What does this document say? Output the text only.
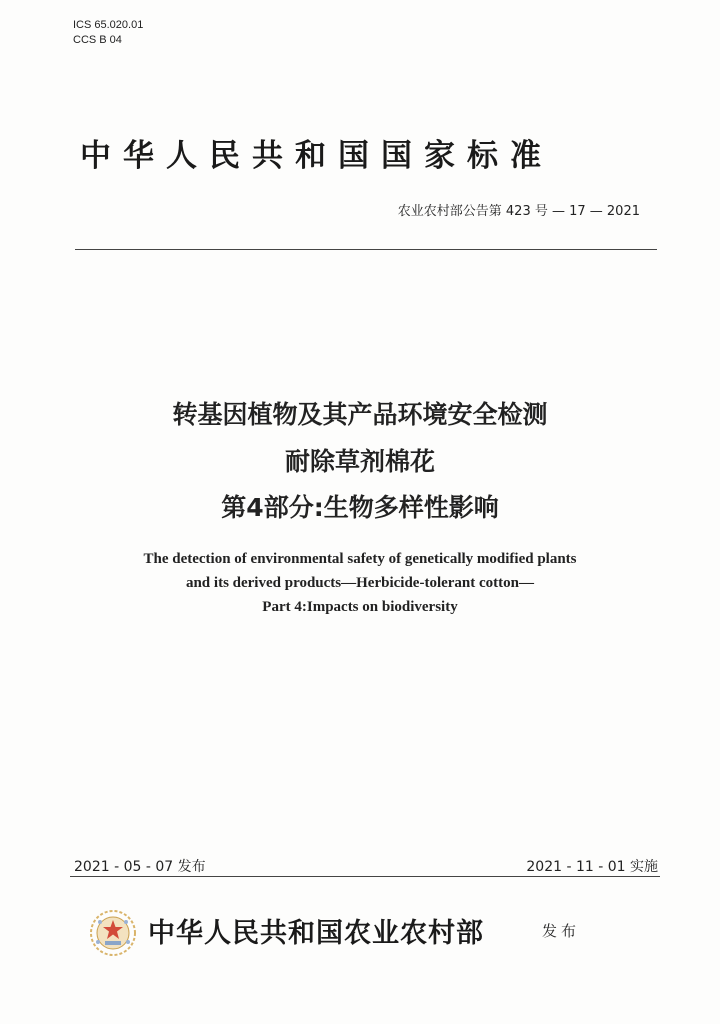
ICS 65.020.01
CCS B 04
中华人民共和国国家标准
农业农村部公告第 423 号 — 17 — 2021
转基因植物及其产品环境安全检测
耐除草剂棉花
第4部分:生物多样性影响
The detection of environmental safety of genetically modified plants
and its derived products—Herbicide-tolerant cotton—
Part 4:Impacts on biodiversity
2021 - 05 - 07 发布	2021 - 11 - 01 实施
中华人民共和国农业农村部	发布
